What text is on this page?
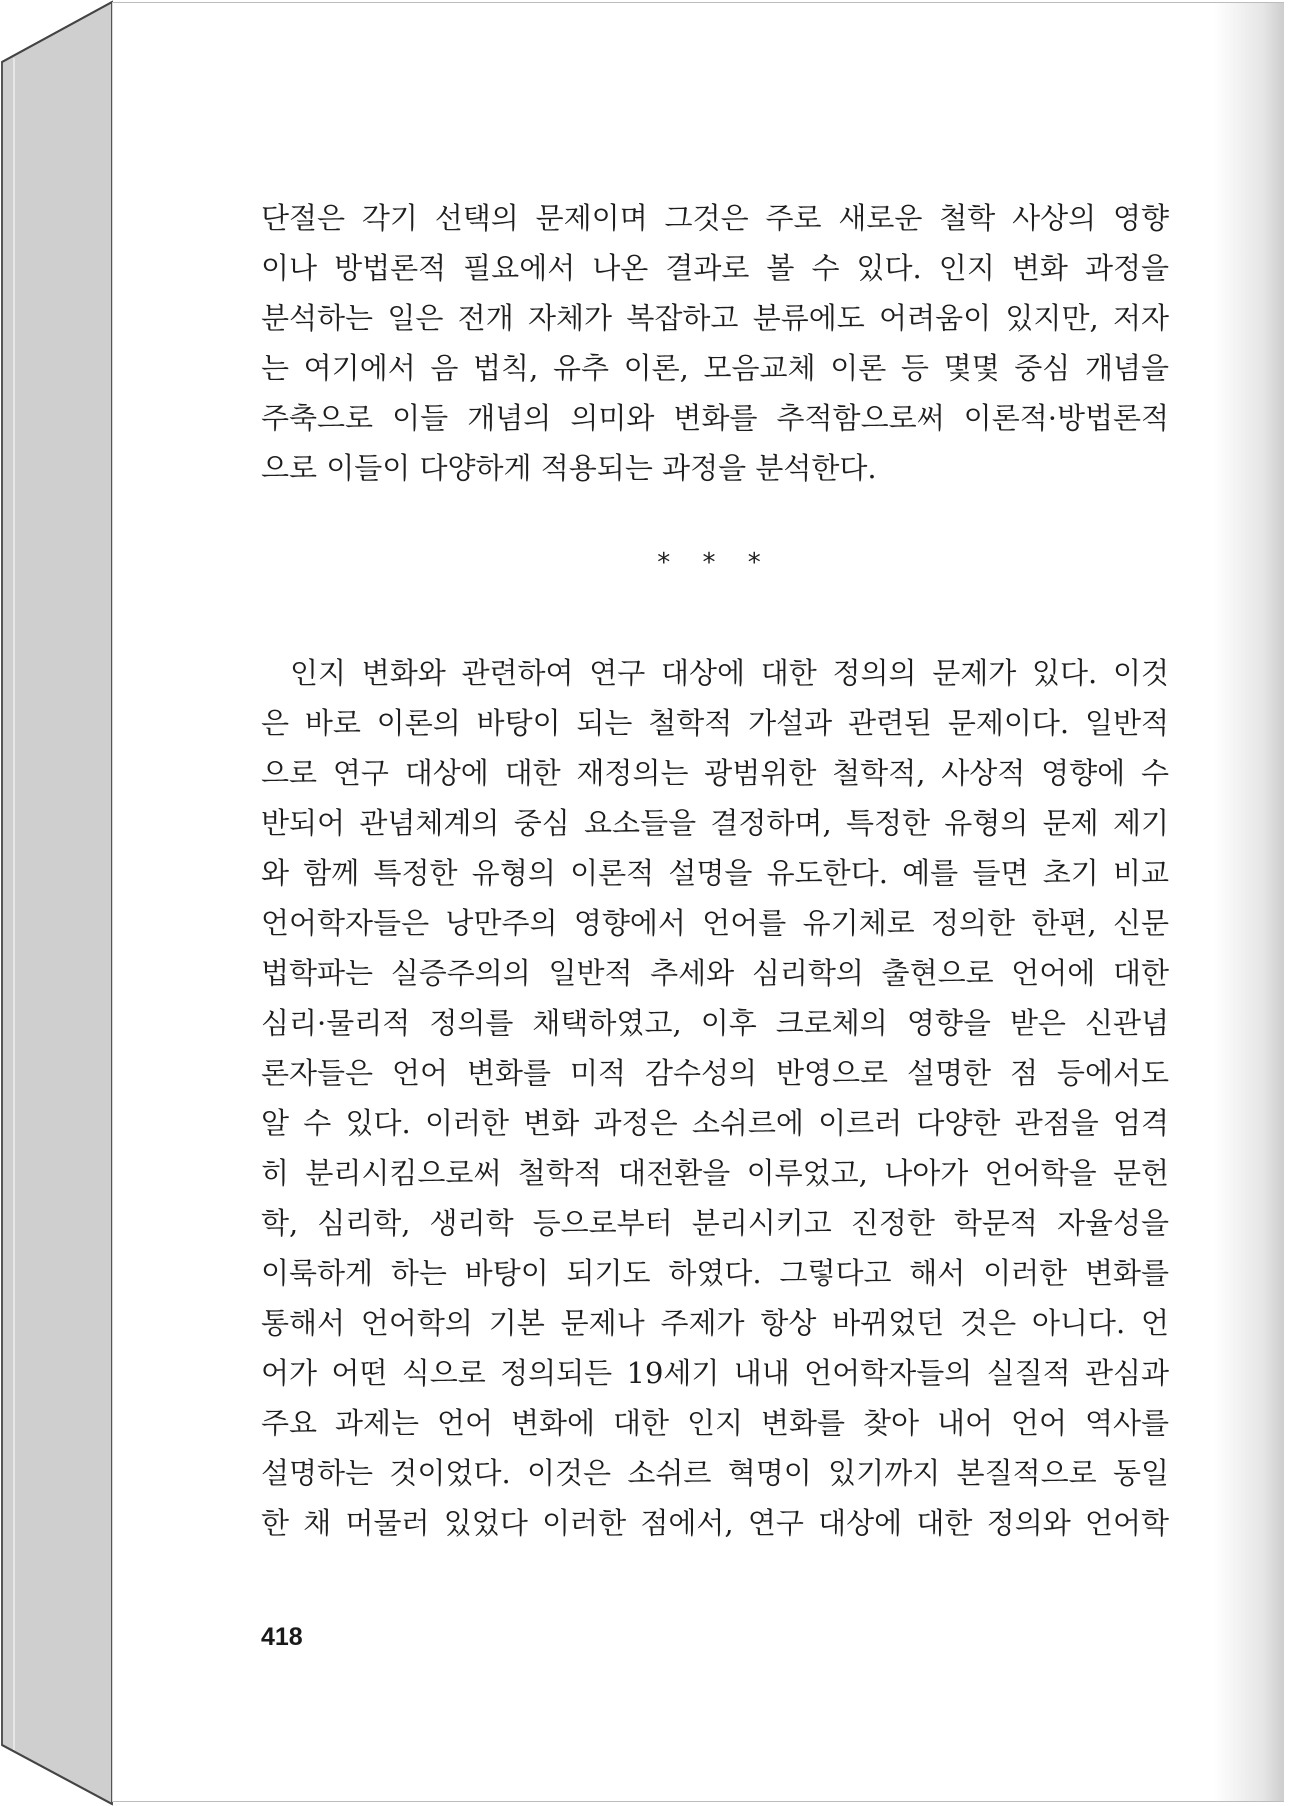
단절은 각기 선택의 문제이며 그것은 주로 새로운 철학 사상의 영향
이나 방법론적 필요에서 나온 결과로 볼 수 있다. 인지 변화 과정을
분석하는 일은 전개 자체가 복잡하고 분류에도 어려움이 있지만, 저자
는 여기에서 음 법칙, 유추 이론, 모음교체 이론 등 몇몇 중심 개념을
주축으로 이들 개념의 의미와 변화를 추적함으로써 이론적·방법론적
으로 이들이 다양하게 적용되는 과정을 분석한다.
* * *
인지 변화와 관련하여 연구 대상에 대한 정의의 문제가 있다. 이것
은 바로 이론의 바탕이 되는 철학적 가설과 관련된 문제이다. 일반적
으로 연구 대상에 대한 재정의는 광범위한 철학적, 사상적 영향에 수
반되어 관념체계의 중심 요소들을 결정하며, 특정한 유형의 문제 제기
와 함께 특정한 유형의 이론적 설명을 유도한다. 예를 들면 초기 비교
언어학자들은 낭만주의 영향에서 언어를 유기체로 정의한 한편, 신문
법학파는 실증주의의 일반적 추세와 심리학의 출현으로 언어에 대한
심리·물리적 정의를 채택하였고, 이후 크로체의 영향을 받은 신관념
론자들은 언어 변화를 미적 감수성의 반영으로 설명한 점 등에서도
알 수 있다. 이러한 변화 과정은 소쉬르에 이르러 다양한 관점을 엄격
히 분리시킴으로써 철학적 대전환을 이루었고, 나아가 언어학을 문헌
학, 심리학, 생리학 등으로부터 분리시키고 진정한 학문적 자율성을
이룩하게 하는 바탕이 되기도 하였다. 그렇다고 해서 이러한 변화를
통해서 언어학의 기본 문제나 주제가 항상 바뀌었던 것은 아니다. 언
어가 어떤 식으로 정의되든 19세기 내내 언어학자들의 실질적 관심과
주요 과제는 언어 변화에 대한 인지 변화를 찾아 내어 언어 역사를
설명하는 것이었다. 이것은 소쉬르 혁명이 있기까지 본질적으로 동일
한 채 머물러 있었다 이러한 점에서, 연구 대상에 대한 정의와 언어학
418
